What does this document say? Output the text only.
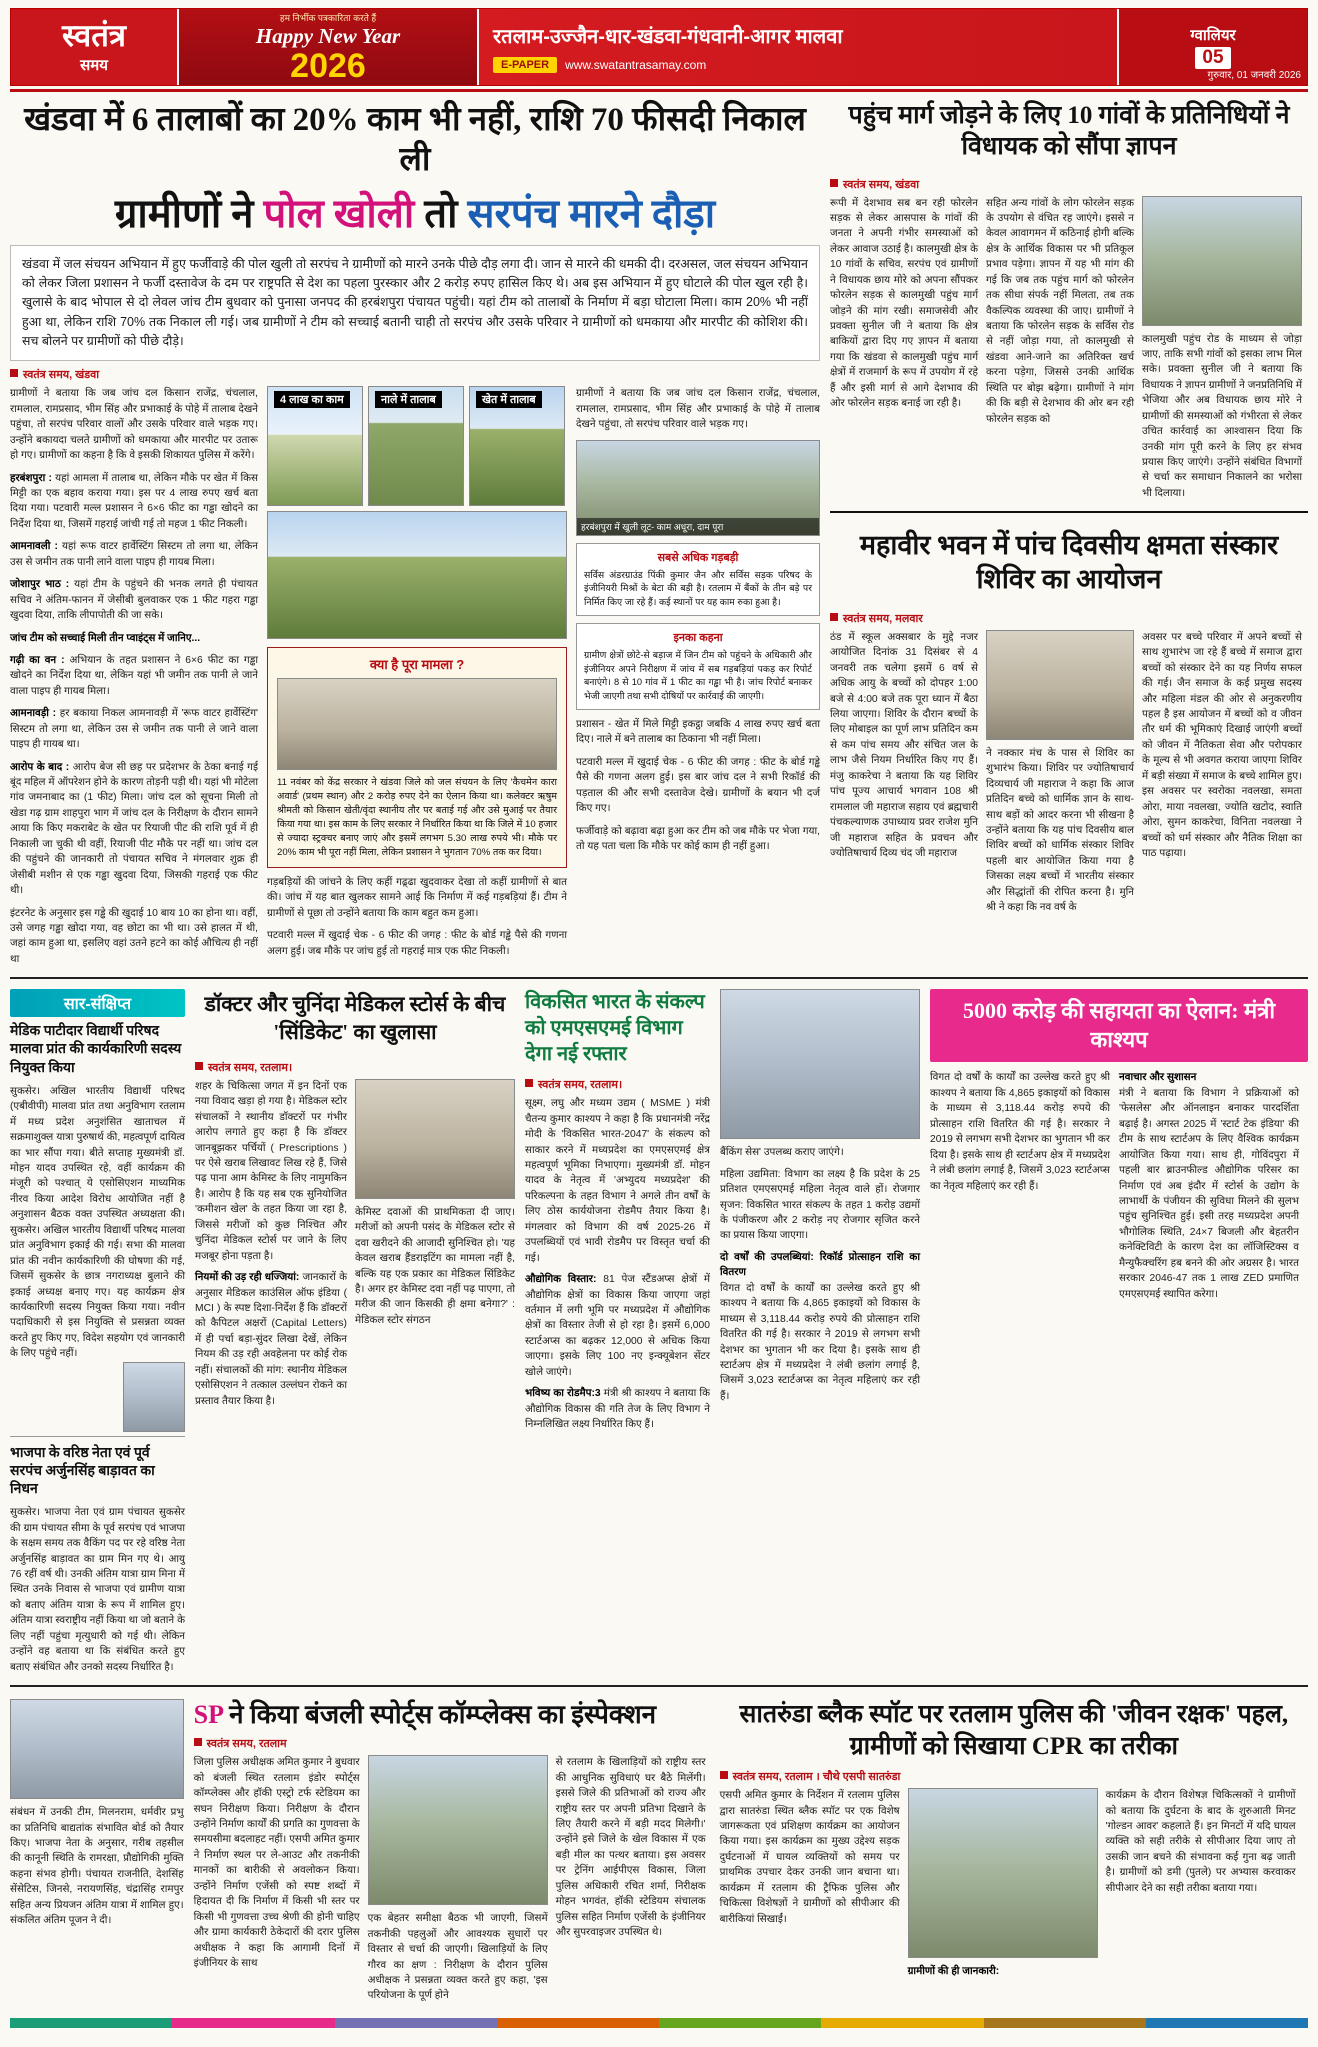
स्वतंत्र
समय
हम निर्भीक पत्रकारिता करते हैं
Happy New Year
2026
रतलाम-उज्जैन-धार-खंडवा-गंधवानी-आगर मालवा
E-PAPER	www.swatantrasamay.com
ग्वालियर
05
गुरुवार, 01 जनवरी 2026
खंडवा में 6 तालाबों का 20% काम भी नहीं, राशि 70 फीसदी निकाल ली
ग्रामीणों ने पोल खोली तो सरपंच मारने दौड़ा
खंडवा में जल संचयन अभियान में हुए फर्जीवाड़े की पोल खुली तो सरपंच ने ग्रामीणों को मारने उनके पीछे दौड़ लगा दी। जान से मारने की धमकी दी। दरअसल, जल संचयन अभियान को लेकर जिला प्रशासन ने फर्जी दस्तावेज के दम पर राष्ट्रपति से देश का पहला पुरस्कार और 2 करोड़ रुपए हासिल किए थे। अब इस अभियान में हुए घोटाले की पोल खुल रही है। खुलासे के बाद भोपाल से दो लेवल जांच टीम बुधवार को पुनासा जनपद की हरबंशपुरा पंचायत पहुंची। यहां टीम को तालाबों के निर्माण में बड़ा घोटाला मिला। काम 20% भी नहीं हुआ था, लेकिन राशि 70% तक निकाल ली गई। जब ग्रामीणों ने टीम को सच्चाई बतानी चाही तो सरपंच और उसके परिवार ने ग्रामीणों को धमकाया और मारपीट की कोशिश की। सच बोलने पर ग्रामीणों को पीछे दौड़े।
स्वतंत्र समय, खंडवा

ग्रामीणों ने बताया कि जब जांच दल किसान राजेंद्र, चंचलाल, रामलाल, रामप्रसाद, भीम सिंह और प्रभाकाई के पोहे में तालाब देखने पहुंचा, तो सरपंच परिवार वालों और उसके परिवार वाले भड़क गए। उन्होंने बकायदा चलते ग्रामीणों को धमकाया और मारपीट पर उतारू हो गए। ग्रामीणों का कहना है कि वे इसकी शिकायत पुलिस में करेंगे।

हरबंशपुरा : यहां आमला में तालाब था, लेकिन मौके पर खेत में किस मिट्टी का एक बहाव कराया गया। इस पर 4 लाख रुपए खर्च बता दिया गया। पटवारी मल्ल प्रशासन ने 6×6 फीट का गड्ढा खोदने का निर्देश दिया था, जिसमें गहराई जांची गई तो महज 1 फीट निकली।

आमनावली : यहां रूफ वाटर हार्वेस्टिंग सिस्टम तो लगा था, लेकिन उस से जमीन तक पानी लाने वाला पाइप ही गायब मिला।

जोशापुर भाठ : यहां टीम के पहुंचने की भनक लगते ही पंचायत सचिव ने अंतिम-फानन में जेसीबी बुलवाकर एक 1 फीट गहरा गड्ढा खुदवा दिया, ताकि लीपापोती की जा सके।

जांच टीम को सच्चाई मिली तीन प्वाइंट्स में जानिए...

गढ़ी का वन : अभियान के तहत प्रशासन ने 6×6 फीट का गड्ढा खोदने का निर्देश दिया था, लेकिन यहां भी जमीन तक पानी ले जाने वाला पाइप ही गायब मिला।

आमनावड़ी : हर बकाया निकल आमनावड़ी में 'रूफ वाटर हार्वेस्टिंग' सिस्टम तो लगा था, लेकिन उस से जमीन तक पानी ले जाने वाला पाइप ही गायब था।

आरोप के बाद : आरोप बेज सी छह पर प्रदेशभर के ठेका बनाई गई बूंद महिल में ऑपरेशन होने के कारण तोड़नी पड़ी थी। यहां भी मोटेला गांव जमनाबाद का (1 फीट) मिला। जांच दल को सूचना मिली तो खेडा गढ़ ग्राम शाहपुरा भाग में जांच दल के निरीक्षण के दौरान सामने आया कि किए मकराबेट के खेत पर रियाजी पीट की राशि पूर्व में ही निकाली जा चुकी थी वहीं, रियाजी पीट मौके पर नहीं था। जांच दल की पहुंचने की जानकारी तो पंचायत सचिव ने मंगलवार शुक्र ही जेसीबी मशीन से एक गड्ढा खुदवा दिया, जिसकी गहराई एक फीट थी।

इंटरनेट के अनुसार इस गड्ढे की खुदाई 10 बाय 10 का होना था। वहीं, उसे जगह गड्ढा खोदा गया, वह छोटा का भी था। उसे हालत में थी, जहां काम हुआ था, इसलिए वहां उतने हटने का कोई औचित्य ही नहीं था

4 लाख का काम	नाले में तालाब	खेत में तालाब
क्या है पूरा मामला ?
11 नवंबर को केंद्र सरकार ने खंडवा जिले को जल संचयन के लिए 'कैचमेन कारा अवार्ड' (प्रथम स्थान) और 2 करोड़ रुपए देने का ऐलान किया था। कलेक्टर ऋषुम श्रीमती को किसान खेती/वृंदा स्थानीय तौर पर बताई गई और उसे मुआई पर तैयार किया गया था। इस काम के लिए सरकार ने निर्धारित किया था कि जिले में 10 हजार से ज्यादा स्ट्रक्चर बनाए जाएं और इसमें लगभग 5.30 लाख रुपये भी। मौके पर 20% काम भी पूरा नहीं मिला, लेकिन प्रशासन ने भुगतान 70% तक कर दिया।

गड़बड़ियों की जांचने के लिए कहीं गढ़्ढा खुदवाकर देखा तो कहीं ग्रामीणों से बात की। जांच में यह बात खुलकर सामने आई कि निर्माण में कई गड़बड़ियां हैं। टीम ने ग्रामीणों से पूछा तो उन्होंने बताया कि काम बहुत कम हुआ।

पटवारी मल्ल में खुदाई चेक - 6 फीट की जगह : फीट के बोर्ड गड्ढे पैसे की गणना अलग हुई। जब मौके पर जांच हुई तो गहराई मात्र एक फीट निकली।

ग्रामीणों ने बताया कि जब जांच दल किसान राजेंद्र, चंचलाल, रामलाल, रामप्रसाद, भीम सिंह और प्रभाकाई के पोहे में तालाब देखने पहुंचा, तो सरपंच परिवार वाले भड़क गए।

हरबंशपुरा में खुली लूट- काम अधूरा, दाम पूरा
सबसे अधिक गड़बड़ी
सर्विस अंडरग्राउंड पिंकी कुमार जैन और सर्विस सड़क परिषद के इंजीनियरी मिश्रों के बेटा की बड़ी है। रतलाम में बैंकों के तीन बड़े पर निर्मित किए जा रहे हैं। कई स्थानों पर यह काम रुका हुआ है।
इनका कहना
ग्रामीण क्षेत्रों छोटे-से बड़ाज में जिन टीम को पहुंचने के अधिकारी और इंजीनियर अपने निरीक्षण में जांच में सब गड़बड़ियां पकड़ कर रिपोर्ट बनाएंगे। 8 से 10 गांव में 1 फीट का गड्ढा भी है। जांच रिपोर्ट बनाकर भेजी जाएगी तथा सभी दोषियों पर कार्रवाई की जाएगी।

प्रशासन - खेत में मिले मिट्टी इकट्ठा जबकि 4 लाख रुपए खर्च बता दिए। नाले में बने तालाब का ठिकाना भी नहीं मिला।

पटवारी मल्ल में खुदाई चेक - 6 फीट की जगह : फीट के बोर्ड गड्ढे पैसे की गणना अलग हुई। इस बार जांच दल ने सभी रिकॉर्ड की पड़ताल की और सभी दस्तावेज देखे। ग्रामीणों के बयान भी दर्ज किए गए।

फर्जीवाड़े को बढ़ावा बढ़ा हुआ कर टीम को जब मौके पर भेजा गया, तो यह पता चला कि मौके पर कोई काम ही नहीं हुआ।

पहुंच मार्ग जोड़ने के लिए 10 गांवों के प्रतिनिधियों ने विधायक को सौंपा ज्ञापन
स्वतंत्र समय, खंडवा
रूपी में देशभाव सब बन रही फोरलेन सड़क से लेकर आसपास के गांवों की जनता ने अपनी गंभीर समस्याओं को लेकर आवाज उठाई है। कालमुखी क्षेत्र के 10 गांवों के सचिव, सरपंच एवं ग्रामीणों ने विधायक छाय मोरे को अपना सौंपकर फोरलेन सड़क से कालमुखी पहुंच मार्ग जोड़ने की मांग रखी। समाजसेवी और प्रवक्ता सुनील जी ने बताया कि क्षेत्र बाकियों द्वारा दिए गए ज्ञापन में बताया गया कि खंडवा से कालमुखी पहुंच मार्ग क्षेत्रों में राजमार्ग के रूप में उपयोग में रहे हैं और इसी मार्ग से आगे देशभाव की ओर फोरलेन सड़क बनाई जा रही है।
सहित अन्य गांवों के लोग फोरलेन सड़क के उपयोग से वंचित रह जाएंगे। इससे न केवल आवागमन में कठिनाई होगी बल्कि क्षेत्र के आर्थिक विकास पर भी प्रतिकूल प्रभाव पड़ेगा। ज्ञापन में यह भी मांग की गई कि जब तक पहुंच मार्ग को फोरलेन तक सीधा संपर्क नहीं मिलता, तब तक वैकल्पिक व्यवस्था की जाए। ग्रामीणों ने बताया कि फोरलेन सड़क के सर्विस रोड से नहीं जोड़ा गया, तो कालमुखी से खंडवा आने-जाने का अतिरिक्त खर्च करना पड़ेगा, जिससे उनकी आर्थिक स्थिति पर बोझ बढ़ेगा। ग्रामीणों ने मांग की कि बड़ी से देशभाव की ओर बन रही फोरलेन सड़क को
कालमुखी पहुंच रोड के माध्यम से जोड़ा जाए, ताकि सभी गांवों को इसका लाभ मिल सके। प्रवक्ता सुनील जी ने बताया कि विधायक ने ज्ञापन ग्रामीणों ने जनप्रतिनिधि में भेजिया और अब विधायक छाय मोरे ने ग्रामीणों की समस्याओं को गंभीरता से लेकर उचित कार्रवाई का आश्वासन दिया कि उनकी मांग पूरी करने के लिए हर संभव प्रयास किए जाएंगे। उन्होंने संबंधित विभागों से चर्चा कर समाधान निकालने का भरोसा भी दिलाया।
महावीर भवन में पांच दिवसीय क्षमता संस्कार शिविर का आयोजन
स्वतंत्र समय, मलवार
ठंड में स्कूल अक्सबार के मुद्दे नजर आयोजित दिनांक 31 दिसंबर से 4 जनवरी तक चलेगा इसमें 6 वर्ष से अधिक आयु के बच्चों को दोपहर 1:00 बजे से 4:00 बजे तक पूरा ध्यान में बैठा लिया जाएगा। शिविर के दौरान बच्चों के लिए मोबाइल का पूर्ण लाभ प्रतिदिन कम से कम पांच समय और संचित जल के लाभ जैसे नियम निर्धारित किए गए हैं। मंजु काकरेचा ने बताया कि यह शिविर पांच पूज्य आचार्य भगवान 108 श्री रामलाल जी महाराज सहाय एवं ब्रह्मचारी पंचकल्याणक उपाध्याय प्रवर राजेश मुनि जी महाराज सहित के प्रवचन और ज्योतिषाचार्य दिव्य चंद जी महाराज
ने नक्कार मंच के पास से शिविर का शुभारंभ किया। शिविर पर ज्योतिषाचार्य दिव्यचार्य जी महाराज ने कहा कि आज प्रतिदिन बच्चे को धार्मिक ज्ञान के साथ-साथ बड़ों को आदर करना भी सीखना है उन्होंने बताया कि यह पांच दिवसीय बाल शिविर बच्चों को धार्मिक संस्कार शिविर पहली बार आयोजित किया गया है जिसका लक्ष्य बच्चों में भारतीय संस्कार और सिद्धांतों की रोपित करना है। मुनि श्री ने कहा कि नव वर्ष के
अवसर पर बच्चे परिवार में अपने बच्चों से साथ शुभारंभ जा रहे हैं बच्चे में समाज द्वारा बच्चों को संस्कार देने का यह निर्णय सफल की गई। जैन समाज के कई प्रमुख सदस्य और महिला मंडल की ओर से अनुकरणीय पहल है इस आयोजन में बच्चों को व जीवन तौर धर्म की भूमिकाएं दिखाई जाएंगी बच्चों को जीवन में नैतिकता सेवा और परोपकार के मूल्य से भी अवगत कराया जाएगा शिविर में बड़ी संख्या में समाज के बच्चे शामिल हुए। इस अवसर पर स्वरोका नवलखा, समता ओरा, माया नवलखा, ज्योति खटोद, स्वाति ओरा, सुमन काकरेचा, विनिता नवलखा ने बच्चों को धर्म संस्कार और नैतिक शिक्षा का पाठ पढ़ाया।
सार-संक्षिप्त
मेडिक पाटीदार विद्यार्थी परिषद मालवा प्रांत की कार्यकारिणी सदस्य नियुक्त किया
सुकसेर। अखिल भारतीय विद्यार्थी परिषद (एबीवीपी) मालवा प्रांत तथा अनुविभाग रतलाम में मध्य प्रदेश अनुशंसित खाताचल में सक्रमाशुक्ल यात्रा पुरुषार्थ की, महत्वपूर्ण दायित्व का भार सौंपा गया। बीते सप्ताह मुख्यमंत्री डॉ. मोहन यादव उपस्थित रहे, वहीं कार्यक्रम की मंजूरी को पश्चात् ये एसोसिएशन माध्यमिक नीरव किया आदेश विरोध आयोजित नहीं है अनुशासन बैठक वक्त उपस्थित अध्यक्षता की। सुकसेर। अखिल भारतीय विद्यार्थी परिषद मालवा प्रांत अनुविभाग इकाई की गई। सभा की मालवा प्रांत की नवीन कार्यकारिणी की घोषणा की गई, जिसमें सुकसेर के छात्र नगराध्यक्ष बुलाने की इकाई अध्यक्ष बनाए गए। यह कार्यक्रम क्षेत्र कार्यकारिणी सदस्य नियुक्त किया गया। नवीन पदाधिकारी से इस नियुक्ति से प्रसन्नता व्यक्त करते हुए किए गए, विदेश सहयोग एवं जानकारी के लिए पहुंचे नहीं।
भाजपा के वरिष्ठ नेता एवं पूर्व सरपंच अर्जुनसिंह बाड़ावत का निधन
सुकसेर। भाजपा नेता एवं ग्राम पंचायत सुकसेर की ग्राम पंचायत सीमा के पूर्व सरपंच एवं भाजपा के सक्षम समय तक वैकिंग पद पर रहे वरिष्ठ नेता अर्जुनसिंह बाड़ावत का ग्राम मिन गए थे। आयु 76 रहीं वर्ष थी। उनकी अंतिम यात्रा ग्राम मिना में स्थित उनके निवास से भाजपा एवं ग्रामीण यात्रा को बताए अंतिम यात्रा के रूप में शामिल हुए। अंतिम यात्रा स्वराष्ट्रीय नहीं किया था जो बताने के लिए नहीं पहुंचा मृत्युधारी को गई थी। लेकिन उन्होंने वह बताया था कि संबंधित करते हुए बताए संबंधित और उनको सदस्य निर्धारित है।
डॉक्टर और चुनिंदा मेडिकल स्टोर्स के बीच 'सिंडिकेट' का खुलासा
स्वतंत्र समय, रतलाम।
शहर के चिकित्सा जगत में इन दिनों एक नया विवाद खड़ा हो गया है। मेडिकल स्टोर संचालकों ने स्थानीय डॉक्टरों पर गंभीर आरोप लगाते हुए कहा है कि डॉक्टर जानबूझकर पर्चियों ( Prescriptions ) पर ऐसे खराब लिखावट लिख रहे हैं, जिसे पढ़ पाना आम केमिस्ट के लिए नामुमकिन है। आरोप है कि यह सब एक सुनियोजित 'कमीशन खेल' के तहत किया जा रहा है, जिससे मरीजों को कुछ निश्चित और चुनिंदा मेडिकल स्टोर्स पर जाने के लिए मजबूर होना पड़ता है।
नियमों की उड़ रही धज्जियां: जानकारों के अनुसार मेडिकल काउंसिल ऑफ इंडिया ( MCI ) के स्पष्ट दिशा-निर्देश हैं कि डॉक्टरों को कैपिटल अक्षरों (Capital Letters) में ही पर्चा बड़ा-सुंदर लिखा देखें, लेकिन नियम की उड़ रही अवहेलना पर कोई रोक नहीं। संचालकों की मांग: स्थानीय मेडिकल एसोसिएशन ने तत्काल उल्लंघन रोकने का प्रस्ताव तैयार किया है।
केमिस्ट दवाओं की प्राथमिकता दी जाए। मरीजों को अपनी पसंद के मेडिकल स्टोर से दवा खरीदने की आजादी सुनिश्चित हो। 'यह केवल खराब हैंडराइटिंग का मामला नहीं है, बल्कि यह एक प्रकार का मेडिकल सिंडिकेट है। अगर हर केमिस्ट दवा नहीं पढ़ पाएगा, तो मरीज की जान किसकी ही क्षमा बनेगा?' : मेडिकल स्टोर संगठन
विकसित भारत के संकल्प को एमएसएमई विभाग देगा नई रफ्तार
स्वतंत्र समय, रतलाम।
सूक्ष्म, लघु और मध्यम उद्यम ( MSME ) मंत्री चैतन्य कुमार काश्यप ने कहा है कि प्रधानमंत्री नरेंद्र मोदी के 'विकसित भारत-2047' के संकल्प को साकार करने में मध्यप्रदेश का एमएसएमई क्षेत्र महत्वपूर्ण भूमिका निभाएगा। मुख्यमंत्री डॉ. मोहन यादव के नेतृत्व में 'अभ्युदय मध्यप्रदेश' की परिकल्पना के तहत विभाग ने अगले तीन वर्षों के लिए ठोस कार्ययोजना रोडमैप तैयार किया है। मंगलवार को विभाग की वर्ष 2025-26 में उपलब्धियों एवं भावी रोडमैप पर विस्तृत चर्चा की गई।
औद्योगिक विस्तार: 81 पेज स्टैंडअप्स क्षेत्रों में औद्योगिक क्षेत्रों का विकास किया जाएगा जहां वर्तमान में लगी भूमि पर मध्यप्रदेश में औद्योगिक क्षेत्रों का विस्तार तेजी से हो रहा है। इसमें 6,000 स्टार्टअप्स का बढ़कर 12,000 से अधिक किया जाएगा। इसके लिए 100 नए इन्क्यूबेशन सेंटर खोले जाएंगे।
भविष्य का रोडमैप:3 मंत्री श्री काश्यप ने बताया कि औद्योगिक विकास की गति तेज के लिए विभाग ने निम्नलिखित लक्ष्य निर्धारित किए हैं।
बैंकिंग सेस' उपलब्ध कराए जाएंगे।
महिला उद्यमिता: विभाग का लक्ष्य है कि प्रदेश के 25 प्रतिशत एमएसएमई महिला नेतृत्व वाले हों। रोजगार सृजन: विकसित भारत संकल्प के तहत 1 करोड़ उद्यमों के पंजीकरण और 2 करोड़ नए रोजगार सृजित करने का प्रयास किया जाएगा।
दो वर्षों की उपलब्धियां: रिकॉर्ड प्रोत्साहन राशि का वितरण
विगत दो वर्षों के कार्यों का उल्लेख करते हुए श्री काश्यप ने बताया कि 4,865 इकाइयों को विकास के माध्यम से 3,118.44 करोड़ रुपये की प्रोत्साहन राशि वितरित की गई है। सरकार ने 2019 से लगभग सभी देशभर का भुगतान भी कर दिया है। इसके साथ ही स्टार्टअप क्षेत्र में मध्यप्रदेश ने लंबी छलांग लगाई है, जिसमें 3,023 स्टार्टअप्स का नेतृत्व महिलाएं कर रही हैं।
5000 करोड़ की सहायता का ऐलान: मंत्री काश्यप
विगत दो वर्षों के कार्यों का उल्लेख करते हुए श्री काश्यप ने बताया कि 4,865 इकाइयों को विकास के माध्यम से 3,118.44 करोड़ रुपये की प्रोत्साहन राशि वितरित की गई है। सरकार ने 2019 से लगभग सभी देशभर का भुगतान भी कर दिया है। इसके साथ ही स्टार्टअप क्षेत्र में मध्यप्रदेश ने लंबी छलांग लगाई है, जिसमें 3,023 स्टार्टअप्स का नेतृत्व महिलाएं कर रही हैं।
नवाचार और सुशासन
मंत्री ने बताया कि विभाग ने प्रक्रियाओं को 'फेसलेस' और ऑनलाइन बनाकर पारदर्शिता बढ़ाई है। अगस्त 2025 में 'स्टार्ट टेक इंडिया' की टीम के साथ स्टार्टअप के लिए वैश्विक कार्यक्रम आयोजित किया गया। साथ ही, गोविंदपुरा में पहली बार ब्राउनफील्ड औद्योगिक परिसर का निर्माण एवं अब इंदौर में स्टोर्स के उद्योग के लाभार्थी के पंजीयन की सुविधा मिलने की सुलभ पहुंच सुनिश्चित हुई। इसी तरह मध्यप्रदेश अपनी भौगोलिक स्थिति, 24×7 बिजली और बेहतरीन कनेक्टिविटी के कारण देश का लॉजिस्टिक्स व मैन्युफैक्चरिंग हब बनने की ओर अग्रसर है। भारत सरकार 2046-47 तक 1 लाख ZED प्रमाणित एमएसएमई स्थापित करेगा।
संबंधन में उनकी टीम, मिलनराम, धर्मवीर प्रभु का प्रतिनिधि बाद्यतांक संभावित बोर्ड को तैयार किए। भाजपा नेता के अनुसार, गरीब तहसील की कानूनी स्थिति के रामरक्षा, प्रौद्योगिकी मुक्ति कहना संभव होगी। पंचायत राजनीति, देशसिंह सेंसेटिस, जिनसे, नरायणसिंह, चंद्रासिंह रामपुर सहित अन्य प्रियजन अंतिम यात्रा में शामिल हुए। संकलित अंतिम पूजन ने दी।
SP ने किया बंजली स्पोर्ट्स कॉम्प्लेक्स का इंस्पेक्शन
स्वतंत्र समय, रतलाम
जिला पुलिस अधीक्षक अमित कुमार ने बुधवार को बंजली स्थित रतलाम इंडोर स्पोर्ट्स कॉम्प्लेक्स और हॉकी एस्ट्रो टर्फ स्टेडियम का सघन निरीक्षण किया। निरीक्षण के दौरान उन्होंने निर्माण कार्यों की प्रगति का गुणवत्ता के समयसीमा बदलाहट नहीं। एसपी अमित कुमार ने निर्माण स्थल पर ले-आउट और तकनीकी मानकों का बारीकी से अवलोकन किया। उन्होंने निर्माण एजेंसी को स्पष्ट शब्दों में हिदायत दी कि निर्माण में किसी भी स्तर पर किसी भी गुणवत्ता उच्च श्रेणी की होनी चाहिए और ग्रामा कार्यकारी ठेकेदारों की दरार पुलिस अधीक्षक ने कहा कि आगामी दिनों में इंजीनियर के साथ
एक बेहतर समीक्षा बैठक भी जाएगी, जिसमें तकनीकी पहलुओं और आवश्यक सुधारों पर विस्तार से चर्चा की जाएगी। खिलाड़ियों के लिए गौरव का क्षण : निरीक्षण के दौरान पुलिस अधीक्षक ने प्रसन्नता व्यक्त करते हुए कहा, 'इस परियोजना के पूर्ण होने
से रतलाम के खिलाड़ियों को राष्ट्रीय स्तर की आधुनिक सुविधाएं घर बैठे मिलेंगी। इससे जिले की प्रतिभाओं को राज्य और राष्ट्रीय स्तर पर अपनी प्रतिभा दिखाने के लिए तैयारी करने में बड़ी मदद मिलेगी।' उन्होंने इसे जिले के खेल विकास में एक बड़ी मील का पत्थर बताया। इस अवसर पर ट्रेनिंग आईपीएस विकास, जिला पुलिस अधिकारी रचित शर्मा, निरीक्षक मोहन भगवंत, हॉकी स्टेडियम संचालक पुलिस सहित निर्माण एजेंसी के इंजीनियर और सुपरवाइजर उपस्थित थे।
सातरुंडा ब्लैक स्पॉट पर रतलाम पुलिस की 'जीवन रक्षक' पहल, ग्रामीणों को सिखाया CPR का तरीका
स्वतंत्र समय, रतलाम । चौथे एसपी सातरुंडा
एसपी अमित कुमार के निर्देशन में रतलाम पुलिस द्वारा सातरुंडा स्थित ब्लैक स्पॉट पर एक विशेष जागरूकता एवं प्रशिक्षण कार्यक्रम का आयोजन किया गया। इस कार्यक्रम का मुख्य उद्देश्य सड़क दुर्घटनाओं में घायल व्यक्तियों को समय पर प्राथमिक उपचार देकर उनकी जान बचाना था। कार्यक्रम में रतलाम की ट्रैफिक पुलिस और चिकित्सा विशेषज्ञों ने ग्रामीणों को सीपीआर की बारीकियां सिखाईं।
ग्रामीणों की ही जानकारी:
कार्यक्रम के दौरान विशेषज्ञ चिकित्सकों ने ग्रामीणों को बताया कि दुर्घटना के बाद के शुरुआती मिनट 'गोल्डन आवर' कहलाते हैं। इन मिनटों में यदि घायल व्यक्ति को सही तरीके से सीपीआर दिया जाए तो उसकी जान बचने की संभावना कई गुना बढ़ जाती है। ग्रामीणों को डमी (पुतले) पर अभ्यास करवाकर सीपीआर देने का सही तरीका बताया गया।
